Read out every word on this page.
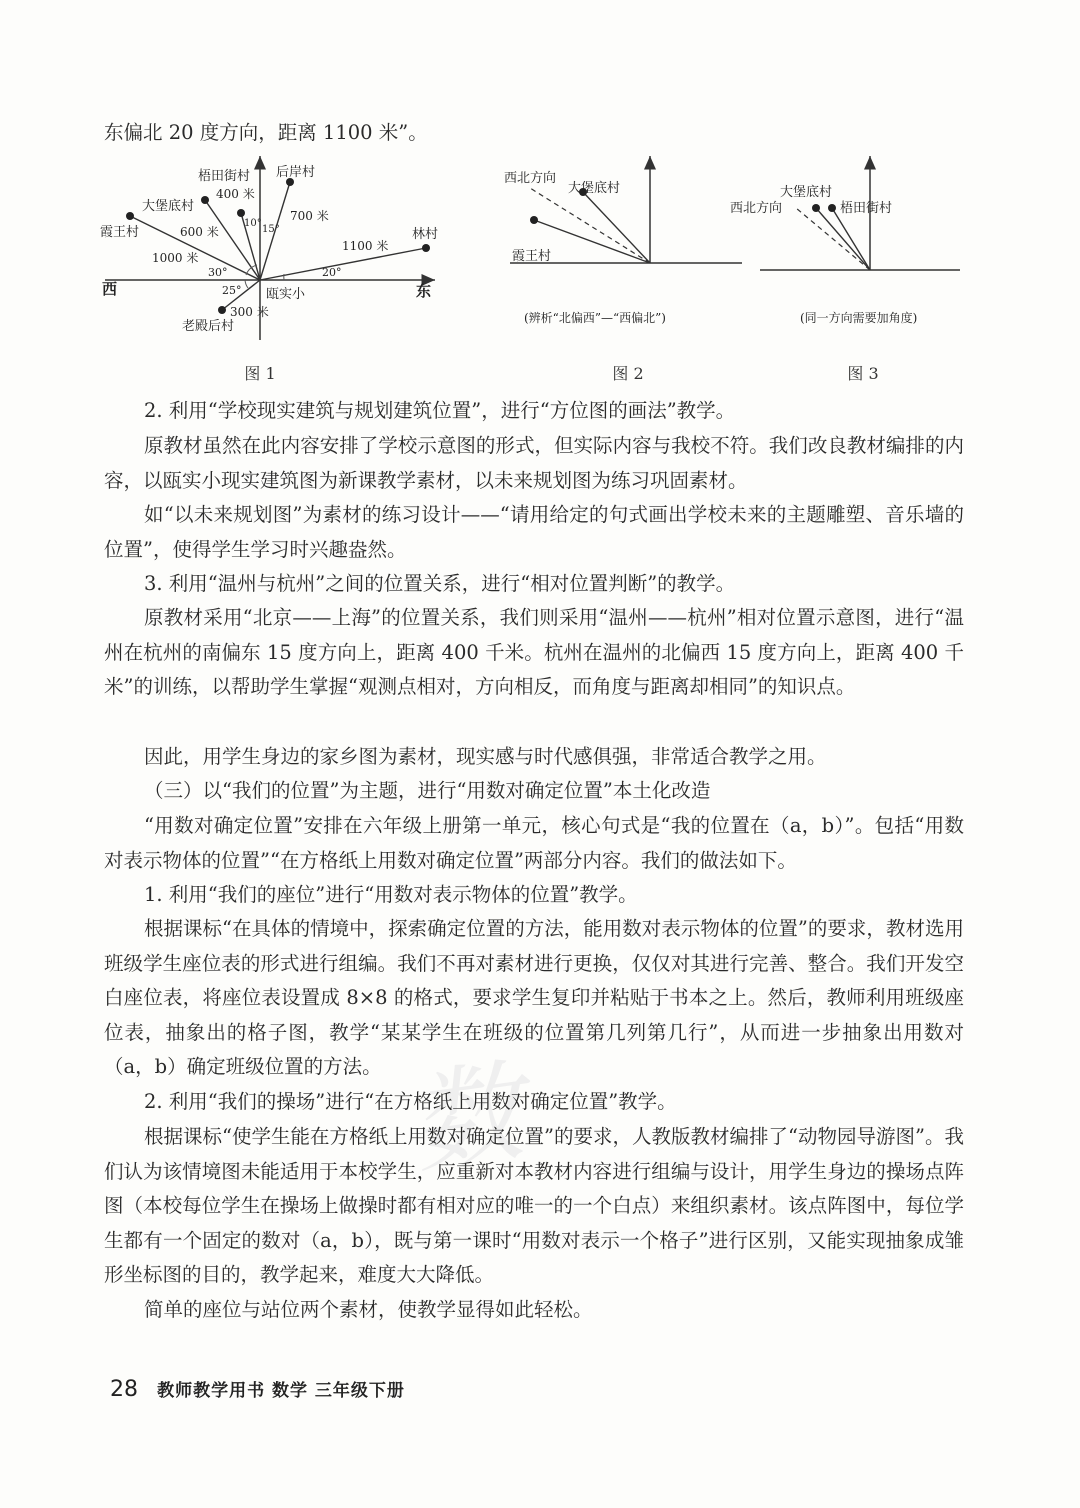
数

东偏北 20 度方向，距离 1100 米”。

西	东
瓯实小
梧田街村 后岸村
大堡底村
霞王村	林村
老殿后村
400 米
700 米
600 米
1000 米
1100 米
300 米
10°
15°
30°	20°
25°
图 1
西北方向
大堡底村
霞王村
(辨析“北偏西”—“西偏北”)
图 2
大堡底村
西北方向	梧田街村
(同一方向需要加角度)
图 3

2. 利用“学校现实建筑与规划建筑位置”，进行“方位图的画法”教学。

原教材虽然在此内容安排了学校示意图的形式，但实际内容与我校不符。我们改良教材编排的内容，以瓯实小现实建筑图为新课教学素材，以未来规划图为练习巩固素材。

如“以未来规划图”为素材的练习设计——“请用给定的句式画出学校未来的主题雕塑、音乐墙的位置”，使得学生学习时兴趣盎然。

3. 利用“温州与杭州”之间的位置关系，进行“相对位置判断”的教学。

原教材采用“北京——上海”的位置关系，我们则采用“温州——杭州”相对位置示意图，进行“温州在杭州的南偏东 15 度方向上，距离 400 千米。杭州在温州的北偏西 15 度方向上，距离 400 千米”的训练，以帮助学生掌握“观测点相对，方向相反，而角度与距离却相同”的知识点。

因此，用学生身边的家乡图为素材，现实感与时代感俱强，非常适合教学之用。

（三）以“我们的位置”为主题，进行“用数对确定位置”本土化改造

“用数对确定位置”安排在六年级上册第一单元，核心句式是“我的位置在（a，b）”。包括“用数对表示物体的位置”“在方格纸上用数对确定位置”两部分内容。我们的做法如下。

1. 利用“我们的座位”进行“用数对表示物体的位置”教学。

根据课标“在具体的情境中，探索确定位置的方法，能用数对表示物体的位置”的要求，教材选用班级学生座位表的形式进行组编。我们不再对素材进行更换，仅仅对其进行完善、整合。我们开发空白座位表，将座位表设置成 8×8 的格式，要求学生复印并粘贴于书本之上。然后，教师利用班级座位表，抽象出的格子图，教学“某某学生在班级的位置第几列第几行”，从而进一步抽象出用数对（a，b）确定班级位置的方法。

2. 利用“我们的操场”进行“在方格纸上用数对确定位置”教学。

根据课标“使学生能在方格纸上用数对确定位置”的要求，人教版教材编排了“动物园导游图”。我们认为该情境图未能适用于本校学生，应重新对本教材内容进行组编与设计，用学生身边的操场点阵图（本校每位学生在操场上做操时都有相对应的唯一的一个白点）来组织素材。该点阵图中，每位学生都有一个固定的数对（a，b），既与第一课时“用数对表示一个格子”进行区别，又能实现抽象成雏形坐标图的目的，教学起来，难度大大降低。

简单的座位与站位两个素材，使教学显得如此轻松。

28 教师教学用书 数学 三年级下册
